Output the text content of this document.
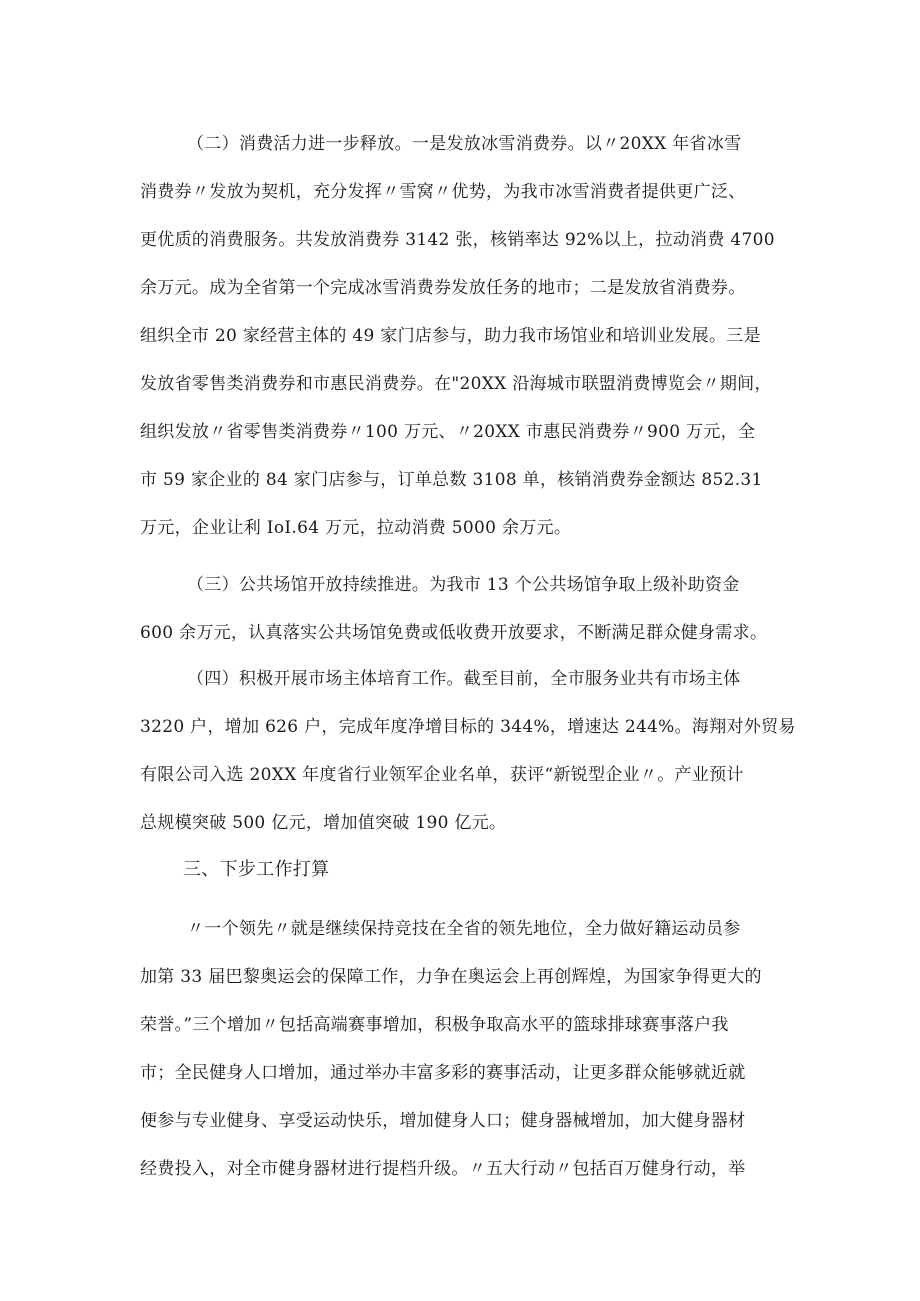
（二）消费活力进一步释放。一是发放冰雪消费券。以〃20XX 年省冰雪
消费券〃发放为契机，充分发挥〃雪窝〃优势，为我市冰雪消费者提供更广泛、
更优质的消费服务。共发放消费券 3142 张，核销率达 92%以上，拉动消费 4700
余万元。成为全省第一个完成冰雪消费券发放任务的地市；二是发放省消费券。
组织全市 20 家经营主体的 49 家门店参与，助力我市场馆业和培训业发展。三是
发放省零售类消费券和市惠民消费券。在"20XX 沿海城市联盟消费博览会〃期间，
组织发放〃省零售类消费券〃100 万元、〃20XX 市惠民消费券〃900 万元，全
市 59 家企业的 84 家门店参与，订单总数 3108 单，核销消费券金额达 852.31
万元，企业让利 IoI.64 万元，拉动消费 5000 余万元。
（三）公共场馆开放持续推进。为我市 13 个公共场馆争取上级补助资金
600 余万元，认真落实公共场馆免费或低收费开放要求，不断满足群众健身需求。
（四）积极开展市场主体培育工作。截至目前，全市服务业共有市场主体
3220 户，增加 626 户，完成年度净增目标的 344%，增速达 244%。海翔对外贸易
有限公司入选 20XX 年度省行业领军企业名单，获评“新锐型企业〃。产业预计
总规模突破 500 亿元，增加值突破 190 亿元。
三、下步工作打算
〃一个领先〃就是继续保持竞技在全省的领先地位，全力做好籍运动员参
加第 33 届巴黎奥运会的保障工作，力争在奥运会上再创辉煌，为国家争得更大的
荣誉。”三个增加〃包括高端赛事增加，积极争取高水平的篮球排球赛事落户我
市；全民健身人口增加，通过举办丰富多彩的赛事活动，让更多群众能够就近就
便参与专业健身、享受运动快乐，增加健身人口；健身器械增加，加大健身器材
经费投入，对全市健身器材进行提档升级。〃五大行动〃包括百万健身行动，举
